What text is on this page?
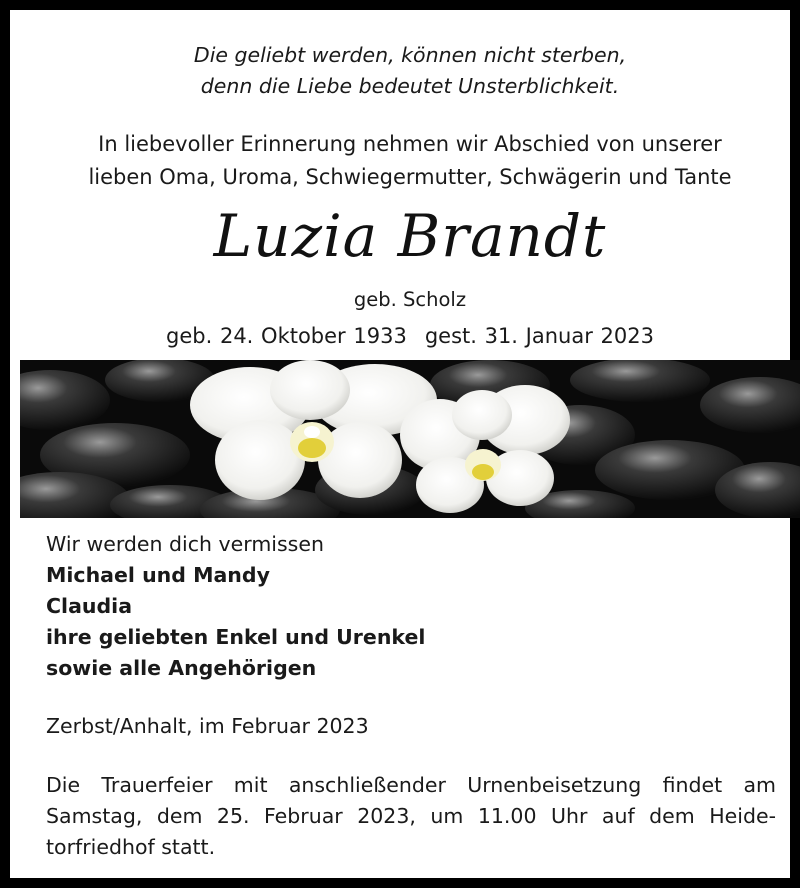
Die geliebt werden, können nicht sterben,
denn die Liebe bedeutet Unsterblichkeit.
In liebevoller Erinnerung nehmen wir Abschied von unserer
lieben Oma, Uroma, Schwiegermutter, Schwägerin und Tante
Luzia Brandt
geb. Scholz
geb. 24. Oktober 1933 gest. 31. Januar 2023
Wir werden dich vermissen
Michael und Mandy
Claudia
ihre geliebten Enkel und Urenkel
sowie alle Angehörigen
Zerbst/Anhalt, im Februar 2023
Die Trauerfeier mit anschließender Urnenbeisetzung findet am
Samstag, dem 25. Februar 2023, um 11.00 Uhr auf dem Heide-
torfriedhof statt.
